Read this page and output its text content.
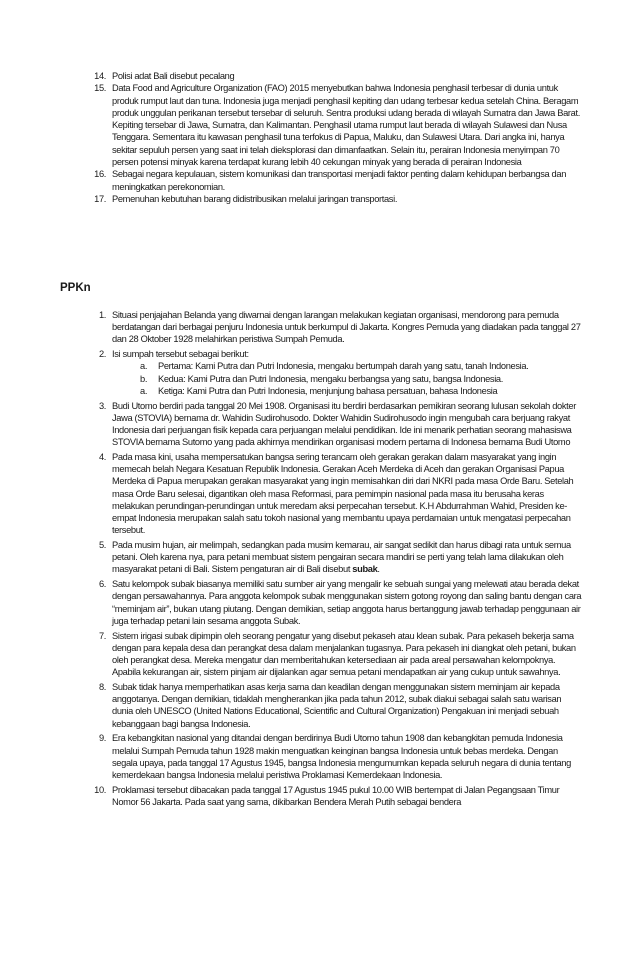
14. Polisi adat Bali disebut pecalang
15. Data Food and Agriculture Organization (FAO) 2015 menyebutkan bahwa Indonesia penghasil terbesar di dunia untuk produk rumput laut dan tuna. Indonesia juga menjadi penghasil kepiting dan udang terbesar kedua setelah China. Beragam produk unggulan perikanan tersebut tersebar di seluruh. Sentra produksi udang berada di wilayah Sumatra dan Jawa Barat. Kepiting tersebar di Jawa, Sumatra, dan Kalimantan. Penghasil utama rumput laut berada di wilayah Sulawesi dan Nusa Tenggara. Sementara itu kawasan penghasil tuna terfokus di Papua, Maluku, dan Sulawesi Utara. Dari angka ini, hanya sekitar sepuluh persen yang saat ini telah dieksplorasi dan dimanfaatkan. Selain itu, perairan Indonesia menyimpan 70 persen potensi minyak karena terdapat kurang lebih 40 cekungan minyak yang berada di perairan Indonesia
16. Sebagai negara kepulauan, sistem komunikasi dan transportasi menjadi faktor penting dalam kehidupan berbangsa dan meningkatkan perekonomian.
17. Pemenuhan kebutuhan barang didistribusikan melalui jaringan transportasi.
PPKn
1. Situasi penjajahan Belanda yang diwarnai dengan larangan melakukan kegiatan organisasi, mendorong para pemuda berdatangan dari berbagai penjuru Indonesia untuk berkumpul di Jakarta. Kongres Pemuda yang diadakan pada tanggal 27 dan 28 Oktober 1928 melahirkan peristiwa Sumpah Pemuda.
2. Isi sumpah tersebut sebagai berikut:
a. Pertama: Kami Putra dan Putri Indonesia, mengaku bertumpah darah yang satu, tanah Indonesia.
b. Kedua: Kami Putra dan Putri Indonesia, mengaku berbangsa yang satu, bangsa Indonesia.
a. Ketiga: Kami Putra dan Putri Indonesia, menjunjung bahasa persatuan, bahasa Indonesia
3. Budi Utomo berdiri pada tanggal 20 Mei 1908. Organisasi itu berdiri berdasarkan pemikiran seorang lulusan sekolah dokter Jawa (STOVIA) bernama dr. Wahidin Sudirohusodo. Dokter Wahidin Sudirohusodo ingin mengubah cara berjuang rakyat Indonesia dari perjuangan fisik kepada cara perjuangan melalui pendidikan. Ide ini menarik perhatian seorang mahasiswa STOVIA bernama Sutomo yang pada akhirnya mendirikan organisasi modern pertama di Indonesa bernama Budi Utomo
4. Pada masa kini, usaha mempersatukan bangsa sering terancam oleh gerakan gerakan dalam masyarakat yang ingin memecah belah Negara Kesatuan Republik Indonesia. Gerakan Aceh Merdeka di Aceh dan gerakan Organisasi Papua Merdeka di Papua merupakan gerakan masyarakat yang ingin memisahkan diri dari NKRI pada masa Orde Baru. Setelah masa Orde Baru selesai, digantikan oleh masa Reformasi, para pemimpin nasional pada masa itu berusaha keras melakukan perundingan-perundingan untuk meredam aksi perpecahan tersebut. K.H Abdurrahman Wahid, Presiden ke-empat Indonesia merupakan salah satu tokoh nasional yang membantu upaya perdamaian untuk mengatasi perpecahan tersebut.
5. Pada musim hujan, air melimpah, sedangkan pada musim kemarau, air sangat sedikit dan harus dibagi rata untuk semua petani. Oleh karena nya, para petani membuat sistem pengairan secara mandiri se perti yang telah lama dilakukan oleh masyarakat petani di Bali. Sistem pengaturan air di Bali disebut subak.
6. Satu kelompok subak biasanya memiliki satu sumber air yang mengalir ke sebuah sungai yang melewati atau berada dekat dengan persawahannya. Para anggota kelompok subak menggunakan sistem gotong royong dan saling bantu dengan cara “meminjam air”, bukan utang piutang. Dengan demikian, setiap anggota harus bertanggung jawab terhadap penggunaan air juga terhadap petani lain sesama anggota Subak.
7. Sistem irigasi subak dipimpin oleh seorang pengatur yang disebut pekaseh atau klean subak. Para pekaseh bekerja sama dengan para kepala desa dan perangkat desa dalam menjalankan tugasnya. Para pekaseh ini diangkat oleh petani, bukan oleh perangkat desa. Mereka mengatur dan memberitahukan ketersediaan air pada areal persawahan kelompoknya. Apabila kekurangan air, sistem pinjam air dijalankan agar semua petani mendapatkan air yang cukup untuk sawahnya.
8. Subak tidak hanya memperhatikan asas kerja sama dan keadilan dengan menggunakan sistem meminjam air kepada anggotanya. Dengan demikian, tidaklah mengherankan jika pada tahun 2012, subak diakui sebagai salah satu warisan dunia oleh UNESCO (United Nations Educational, Scientific and Cultural Organization) Pengakuan ini menjadi sebuah kebanggaan bagi bangsa Indonesia.
9. Era kebangkitan nasional yang ditandai dengan berdirinya Budi Utomo tahun 1908 dan kebangkitan pemuda Indonesia melalui Sumpah Pemuda tahun 1928 makin menguatkan keinginan bangsa Indonesia untuk bebas merdeka. Dengan segala upaya, pada tanggal 17 Agustus 1945, bangsa Indonesia mengumumkan kepada seluruh negara di dunia tentang kemerdekaan bangsa Indonesia melalui peristiwa Proklamasi Kemerdekaan Indonesia.
10. Proklamasi tersebut dibacakan pada tanggal 17 Agustus 1945 pukul 10.00 WIB bertempat di Jalan Pegangsaan Timur Nomor 56 Jakarta. Pada saat yang sama, dikibarkan Bendera Merah Putih sebagai bendera
